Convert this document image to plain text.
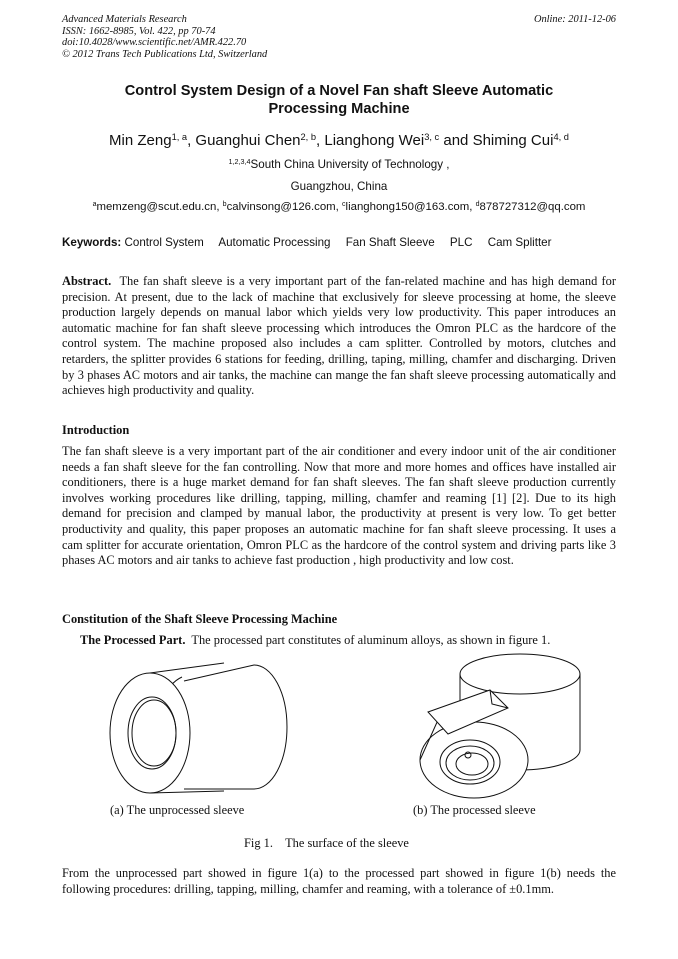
Advanced Materials Research
ISSN: 1662-8985, Vol. 422, pp 70-74
doi:10.4028/www.scientific.net/AMR.422.70
© 2012 Trans Tech Publications Ltd, Switzerland
Online: 2011-12-06
Control System Design of a Novel Fan shaft Sleeve Automatic
Processing Machine
Min Zeng$^{1, a}$, Guanghui Chen$^{2, b}$, Lianghong Wei$^{3, c}$ and Shiming Cui$^{4, d}$
$^{1,2,3,4}$South China University of Technology ,
Guangzhou, China
$^a$memzeng@scut.edu.cn, $^b$calvinsong@126.com, $^c$lianghong150@163.com, $^d$878727312@qq.com
Keywords: Control System Automatic Processing Fan Shaft Sleeve PLC Cam Splitter
Abstract. The fan shaft sleeve is a very important part of the fan-related machine and has high demand for precision. At present, due to the lack of machine that exclusively for sleeve processing at home, the sleeve production largely depends on manual labor which yields very low productivity. This paper introduces an automatic machine for fan shaft sleeve processing which introduces the Omron PLC as the hardcore of the control system. The machine proposed also includes a cam splitter. Controlled by motors, clutches and retarders, the splitter provides 6 stations for feeding, drilling, taping, milling, chamfer and discharging. Driven by 3 phases AC motors and air tanks, the machine can mange the fan shaft sleeve processing automatically and achieves high productivity and quality.
Introduction
The fan shaft sleeve is a very important part of the air conditioner and every indoor unit of the air conditioner needs a fan shaft sleeve for the fan controlling. Now that more and more homes and offices have installed air conditioners, there is a huge market demand for fan shaft sleeves. The fan shaft sleeve production currently involves working procedures like drilling, tapping, milling, chamfer and reaming [1] [2]. Due to its high demand for precision and clamped by manual labor, the productivity at present is very low. To get better productivity and quality, this paper proposes an automatic machine for fan shaft sleeve processing. It uses a cam splitter for accurate orientation, Omron PLC as the hardcore of the control system and driving parts like 3 phases AC motors and air tanks to achieve fast production , high productivity and low cost.
Constitution of the Shaft Sleeve Processing Machine
The Processed Part. The processed part constitutes of aluminum alloys, as shown in figure 1.
(a) The unprocessed sleeve	(b) The processed sleeve
Fig 1.    The surface of the sleeve
From the unprocessed part showed in figure 1(a) to the processed part showed in figure 1(b) needs the following procedures: drilling, tapping, milling, chamfer and reaming, with a tolerance of ±0.1mm.
